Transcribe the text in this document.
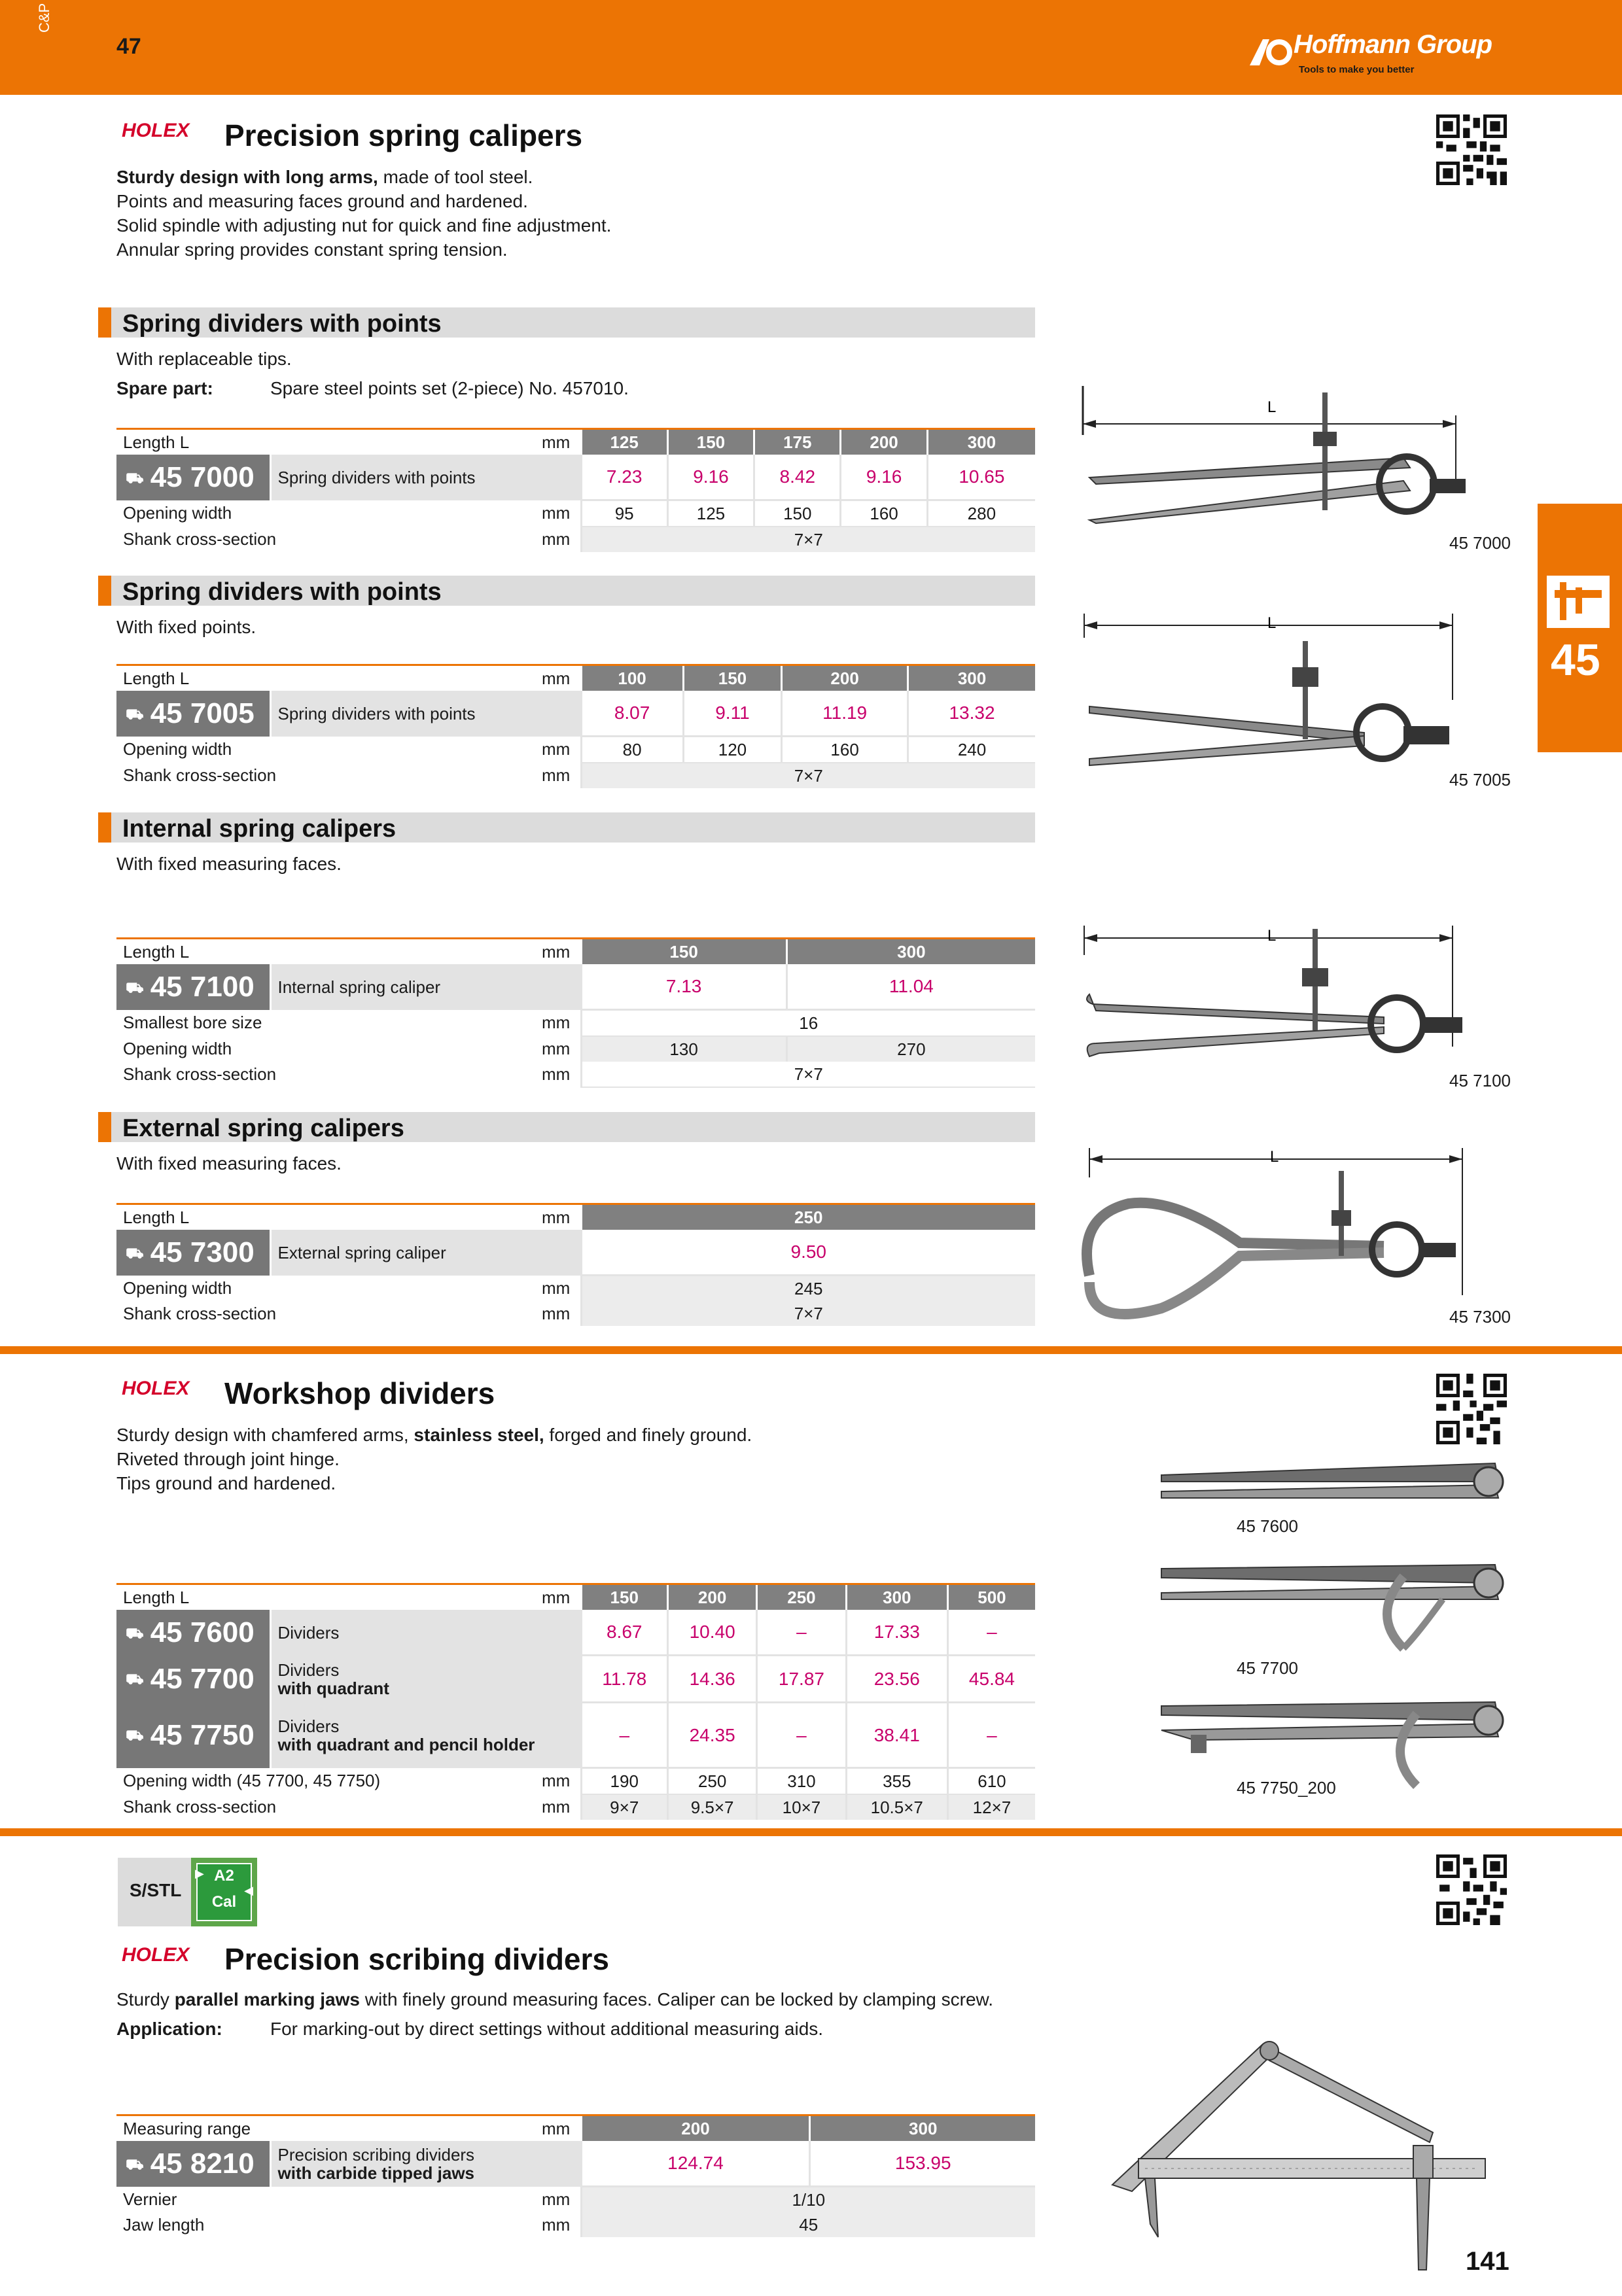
C&P
47	Hoffmann Group
Tools to make you better
45
HOLEX Precision spring calipers
Sturdy design with long arms, made of tool steel.
Points and measuring faces ground and hardened.
Solid spindle with adjusting nut for quick and fine adjustment.
Annular spring provides constant spring tension.
Spring dividers with points
With replaceable tips.
Spare part:	Spare steel points set (2-piece) No. 457010.
Length L		mm	125	150	175	200	300
⛟ 45 7000	Spring dividers with points		7.23	9.16	8.42	9.16	10.65
Opening width		mm	95	125	150	160	280
Shank cross-section		mm	7×7				
L
45 7000
Spring dividers with points
With fixed points.
Length L		mm	100	150	200	300
⛟ 45 7005	Spring dividers with points		8.07	9.11	11.19	13.32
Opening width		mm	80	120	160	240
Shank cross-section		mm	7×7			
L
45 7005
Internal spring calipers
With fixed measuring faces.
Length L		mm	150	300
⛟ 45 7100	Internal spring caliper		7.13	11.04
Smallest bore size		mm	16	
Opening width		mm	130	270
Shank cross-section		mm	7×7	
L
45 7100
External spring calipers
With fixed measuring faces.
Length L		mm	250
⛟ 45 7300	External spring caliper		9.50
Opening width		mm	245
Shank cross-section		mm	7×7
L
45 7300
HOLEX Workshop dividers
Sturdy design with chamfered arms, stainless steel, forged and finely ground.
Riveted through joint hinge.
Tips ground and hardened.
45 7600
45 7700
45 7750_200
Length L		mm	150	200	250	300	500
⛟ 45 7600	Dividers		8.67	10.40	–	17.33	–
⛟ 45 7700	Dividers
with quadrant		11.78	14.36	17.87	23.56	45.84
⛟ 45 7750	Dividers
with quadrant and pencil holder		–	24.35	–	38.41	–
Opening width (45 7700, 45 7750)		mm	190	250	310	355	610
Shank cross-section		mm	9×7	9.5×7	10×7	10.5×7	12×7
S/STL
▶
◀
A2
Cal
HOLEX Precision scribing dividers
Sturdy parallel marking jaws with finely ground measuring faces. Caliper can be locked by clamping screw.
Application:	For marking-out by direct settings without additional measuring aids.
Measuring range		mm	200	300
⛟ 45 8210	Precision scribing dividers
with carbide tipped jaws		124.74	153.95
Vernier		mm	1/10	
Jaw length		mm	45	
141
